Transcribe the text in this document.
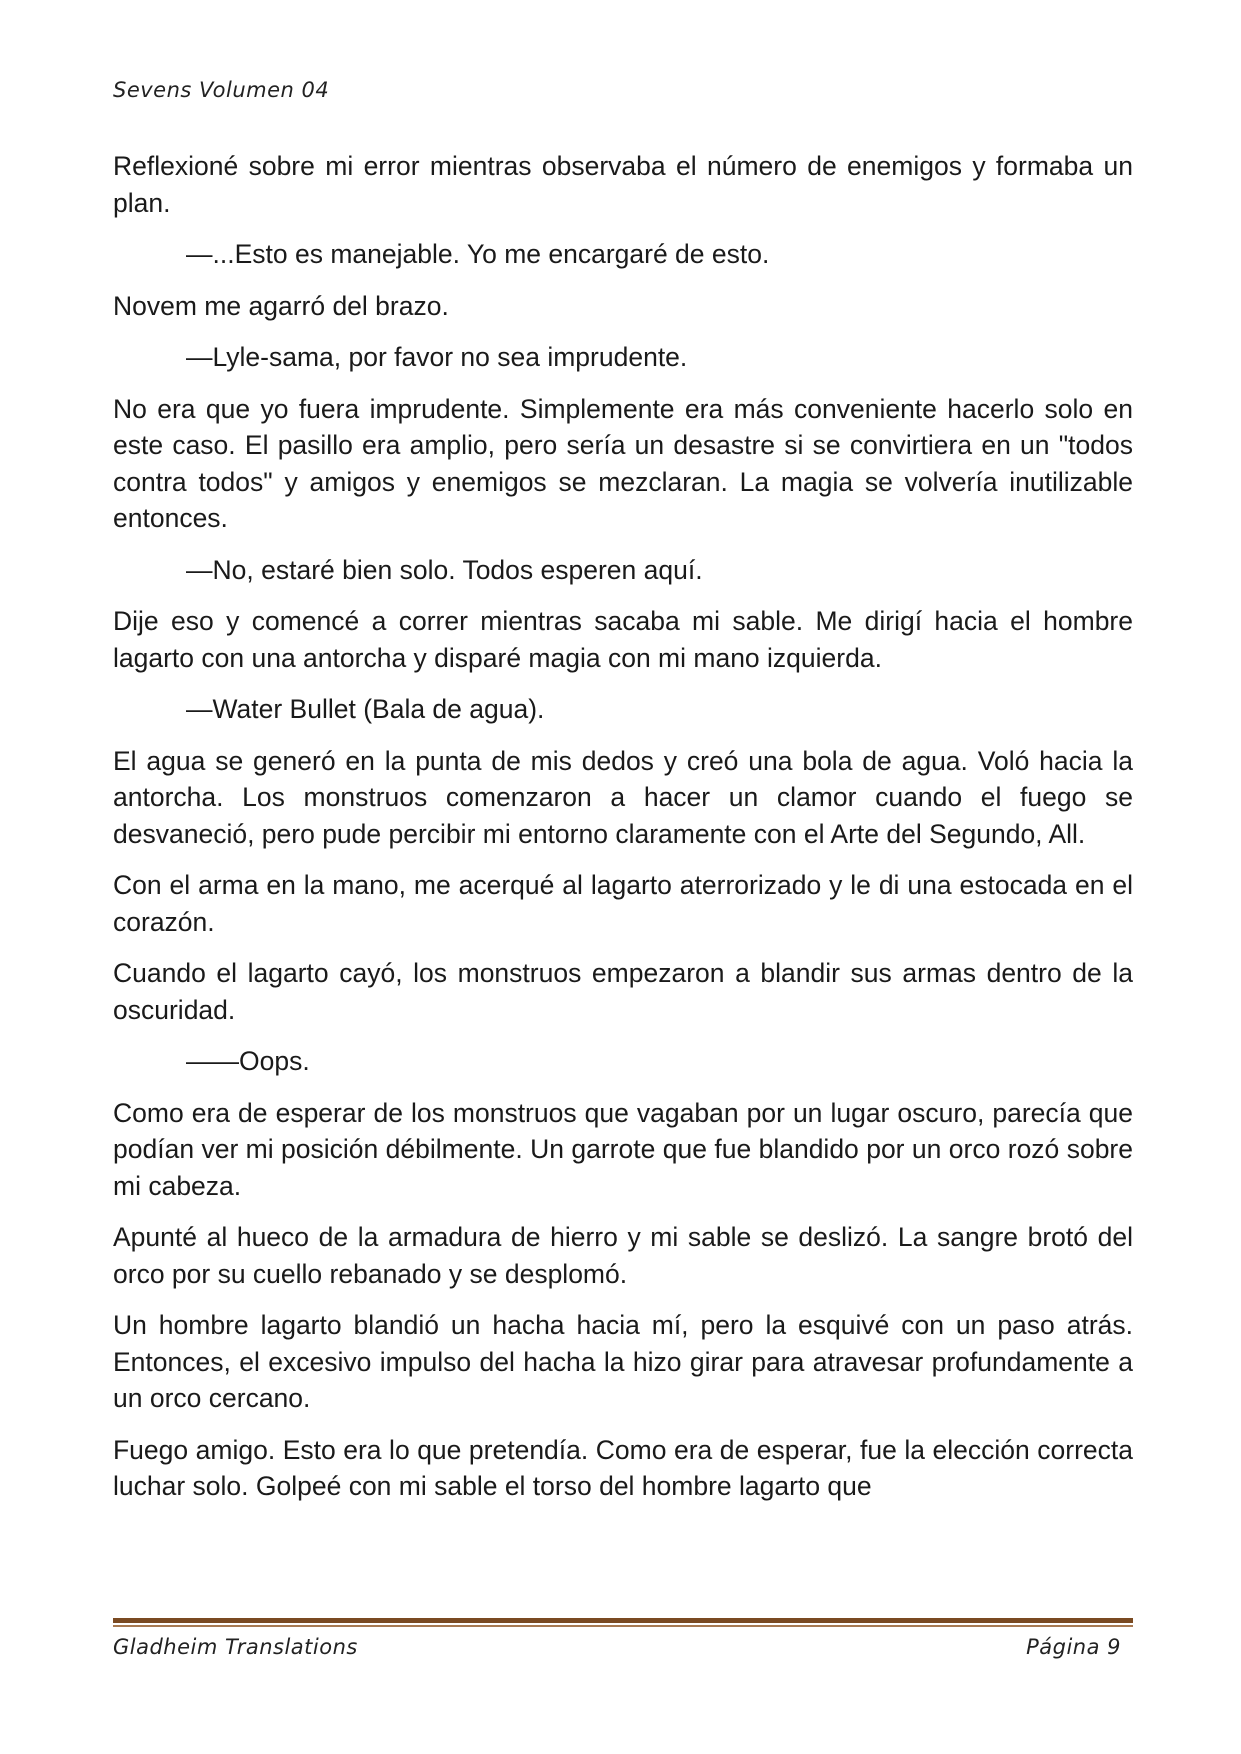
Sevens Volumen 04

Reflexioné sobre mi error mientras observaba el número de enemigos y formaba un plan.

—...Esto es manejable. Yo me encargaré de esto.

Novem me agarró del brazo.

—Lyle-sama, por favor no sea imprudente.

No era que yo fuera imprudente. Simplemente era más conveniente hacerlo solo en este caso. El pasillo era amplio, pero sería un desastre si se convirtiera en un "todos contra todos" y amigos y enemigos se mezclaran. La magia se volvería inutilizable entonces.

—No, estaré bien solo. Todos esperen aquí.

Dije eso y comencé a correr mientras sacaba mi sable. Me dirigí hacia el hombre lagarto con una antorcha y disparé magia con mi mano izquierda.

—Water Bullet (Bala de agua).

El agua se generó en la punta de mis dedos y creó una bola de agua. Voló hacia la antorcha. Los monstruos comenzaron a hacer un clamor cuando el fuego se desvaneció, pero pude percibir mi entorno claramente con el Arte del Segundo, All.

Con el arma en la mano, me acerqué al lagarto aterrorizado y le di una estocada en el corazón.

Cuando el lagarto cayó, los monstruos empezaron a blandir sus armas dentro de la oscuridad.

——Oops.

Como era de esperar de los monstruos que vagaban por un lugar oscuro, parecía que podían ver mi posición débilmente. Un garrote que fue blandido por un orco rozó sobre mi cabeza.

Apunté al hueco de la armadura de hierro y mi sable se deslizó. La sangre brotó del orco por su cuello rebanado y se desplomó.

Un hombre lagarto blandió un hacha hacia mí, pero la esquivé con un paso atrás. Entonces, el excesivo impulso del hacha la hizo girar para atravesar profundamente a un orco cercano.

Fuego amigo. Esto era lo que pretendía. Como era de esperar, fue la elección correcta luchar solo. Golpeé con mi sable el torso del hombre lagarto que

Gladheim Translations	Página 9
